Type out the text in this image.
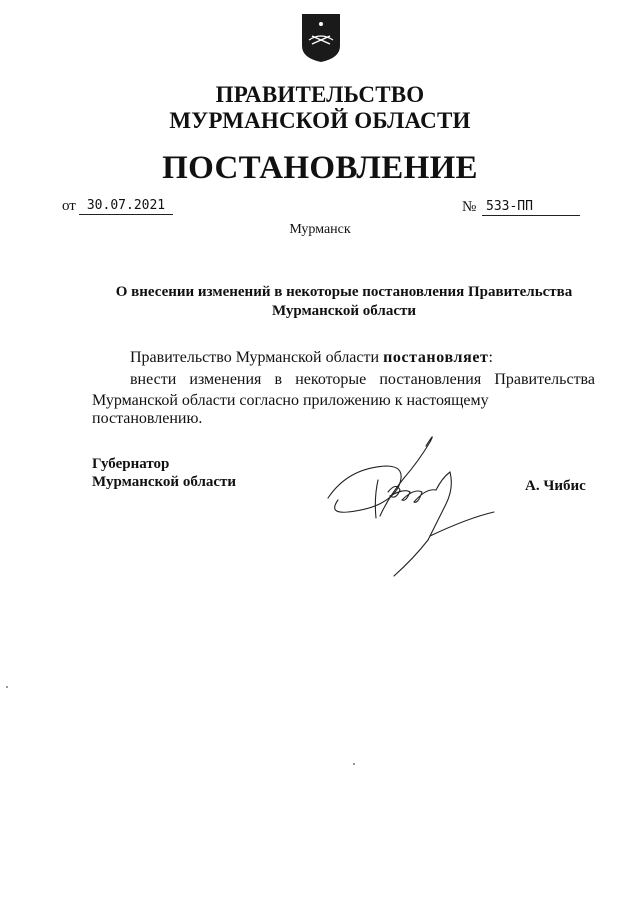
ПРАВИТЕЛЬСТВО
МУРМАНСКОЙ ОБЛАСТИ
ПОСТАНОВЛЕНИЕ
от 30.07.2021	№ 533-ПП
Мурманск
О внесении изменений в некоторые постановления Правительства
Мурманской области
Правительство Мурманской области постановляет:
внести изменения в некоторые постановления Правительства
Мурманской области согласно приложению к настоящему постановлению.
Губернатор
Мурманской области	А. Чибис
